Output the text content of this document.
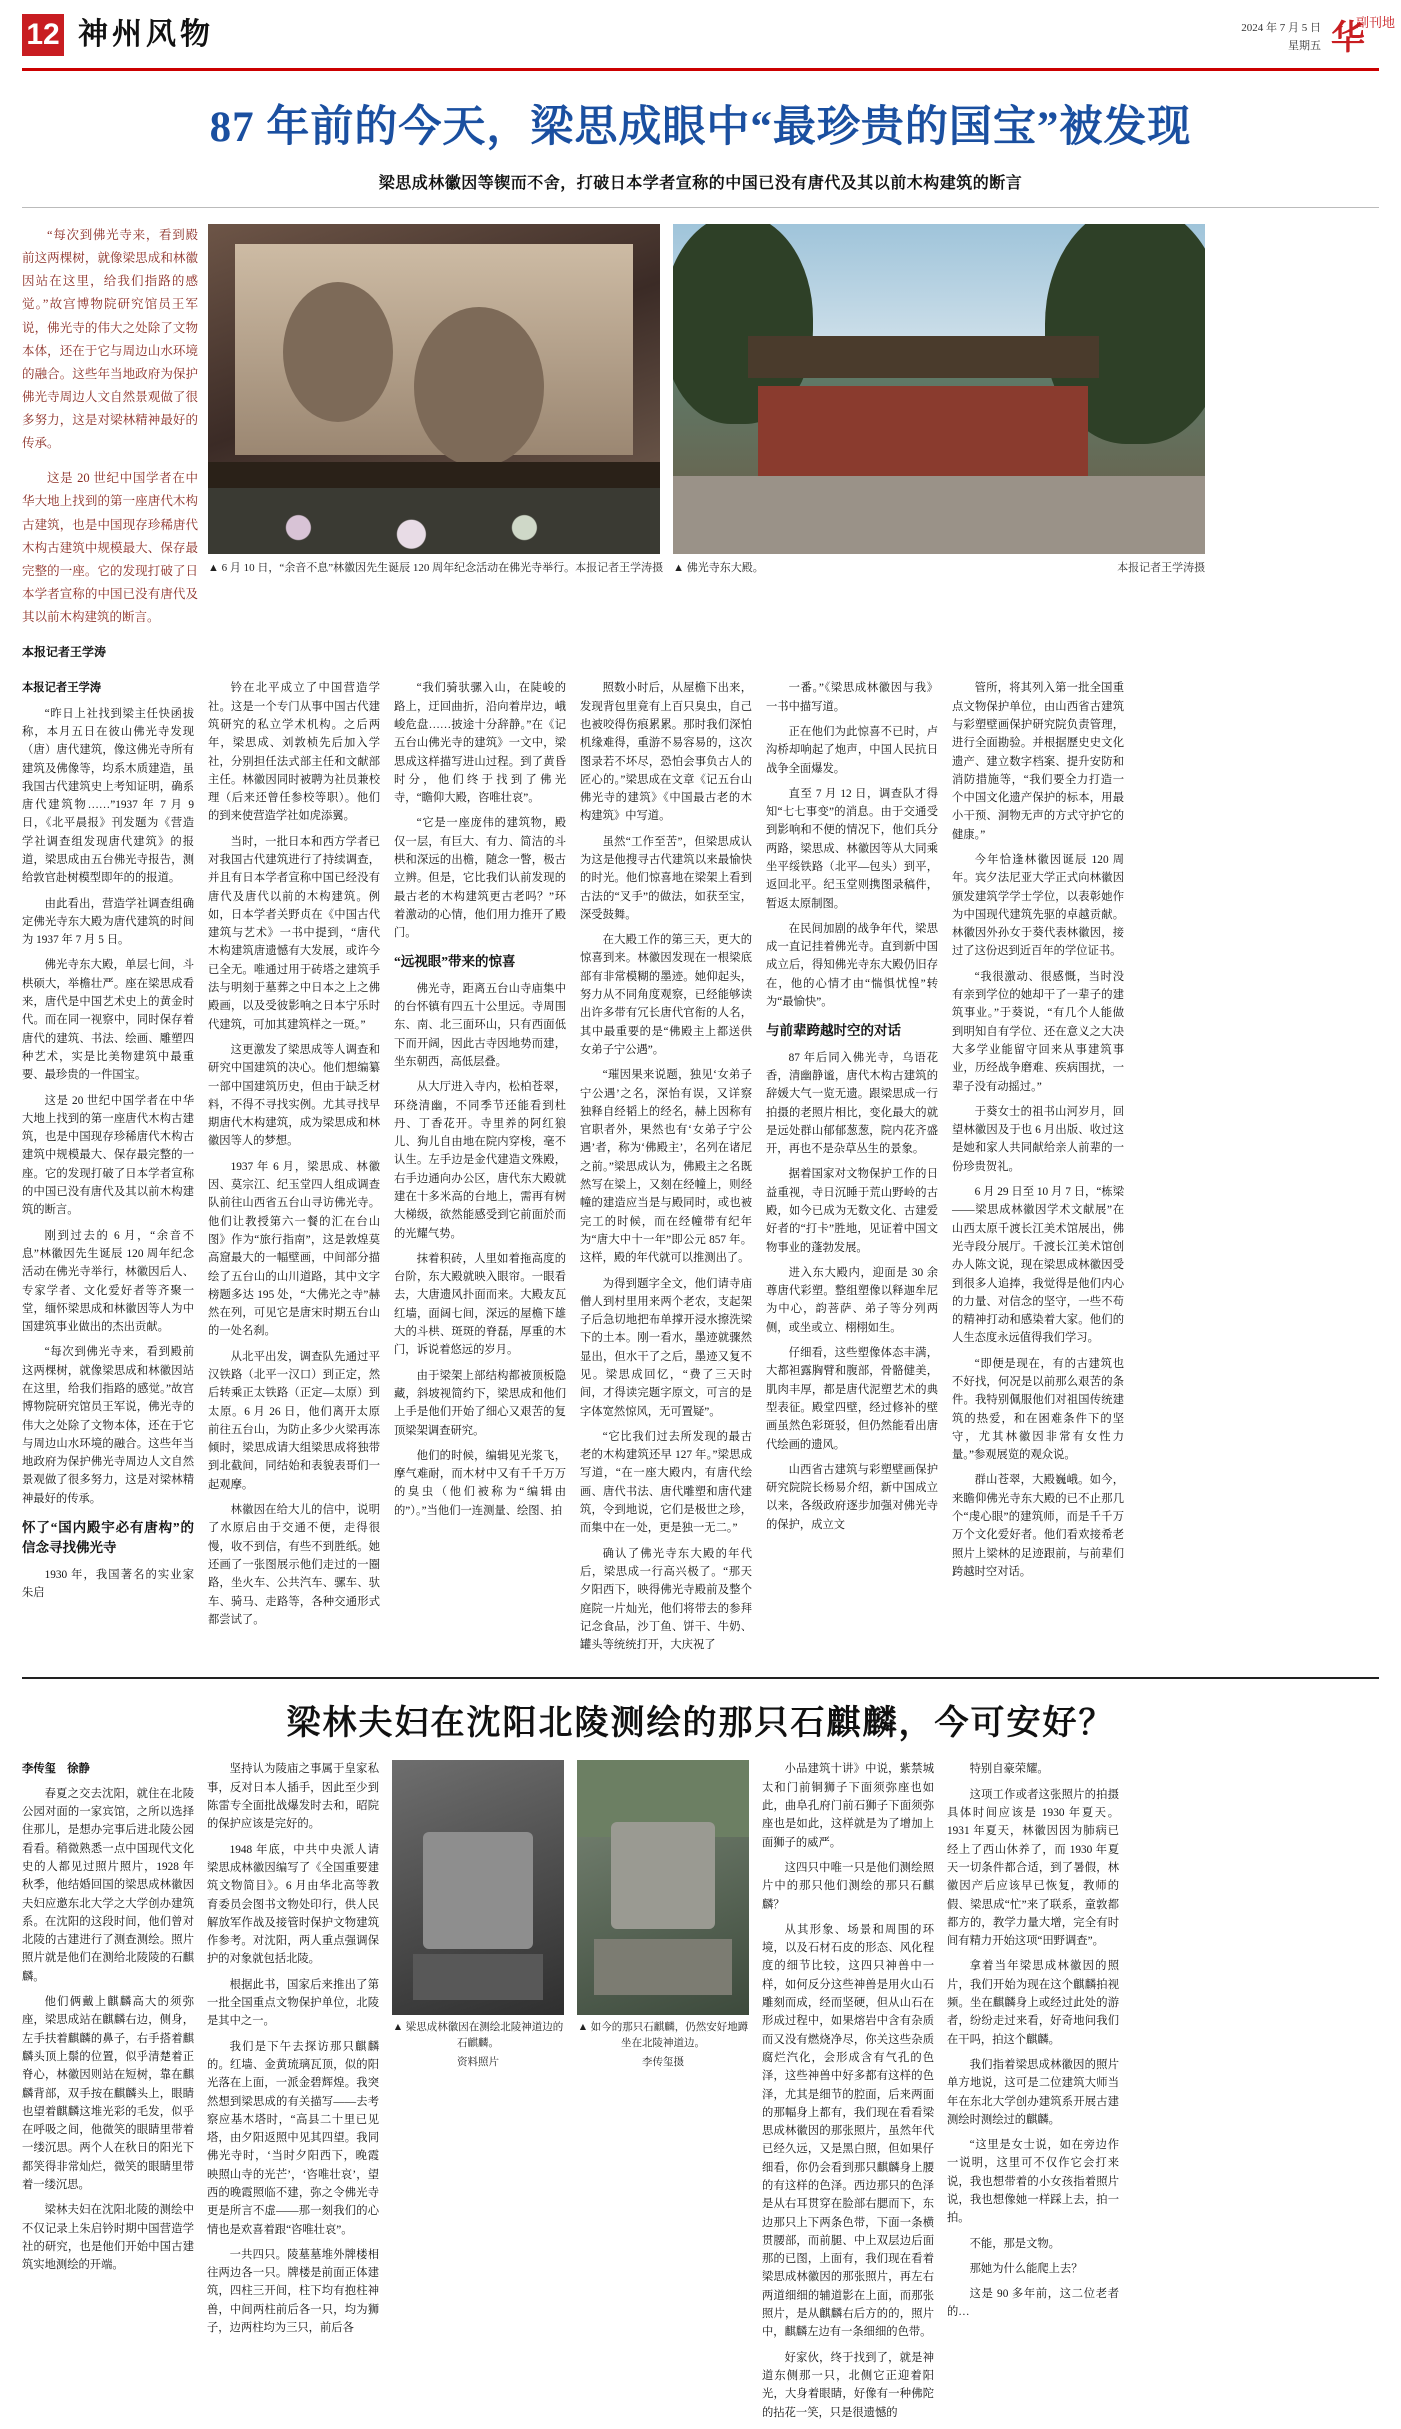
12 神州风物	2024 年 7 月 5 日
星期五 华
副刊地
87 年前的今天，梁思成眼中“最珍贵的国宝”被发现
梁思成林徽因等锲而不舍，打破日本学者宣称的中国已没有唐代及其以前木构建筑的断言

“每次到佛光寺来，看到殿前这两棵树，就像梁思成和林徽因站在这里，给我们指路的感觉。”故宫博物院研究馆员王军说，佛光寺的伟大之处除了文物本体，还在于它与周边山水环境的融合。这些年当地政府为保护佛光寺周边人文自然景观做了很多努力，这是对梁林精神最好的传承。

这是 20 世纪中国学者在中华大地上找到的第一座唐代木构古建筑，也是中国现存珍稀唐代木构古建筑中规模最大、保存最完整的一座。它的发现打破了日本学者宣称的中国已没有唐代及其以前木构建筑的断言。

本报记者王学涛
▲ 6 月 10 日，“余音不息”林徽因先生诞辰 120 周年纪念活动在佛光寺举行。 本报记者王学涛摄 ▲ 佛光寺东大殿。	本报记者王学涛摄
本报记者王学涛

“昨日上社找到梁主任快函拔称，本月五日在彼山佛光寺发现（唐）唐代建筑，像这佛光寺所有建筑及佛像等，均系木质建造，虽我国古代建筑史上考知证明，确系唐代建筑物……”1937 年 7 月 9 日，《北平晨报》刊发题为《营造学社调查组发现唐代建筑》的报道，梁思成由五台佛光寺报告，测给敦官赴树模型即年的的报道。

由此看出，营造学社调查组确定佛光寺东大殿为唐代建筑的时间为 1937 年 7 月 5 日。

佛光寺东大殿，单层七间，斗栱硕大，举檐壮严。座在梁思成看来，唐代是中国艺术史上的黄金时代。而在同一视察中，同时保存着唐代的建筑、书法、绘画、雕塑四种艺术，实是比美物建筑中最重要、最珍贵的一件国宝。

这是 20 世纪中国学者在中华大地上找到的第一座唐代木构古建筑，也是中国现存珍稀唐代木构古建筑中规模最大、保存最完整的一座。它的发现打破了日本学者宣称的中国已没有唐代及其以前木构建筑的断言。

刚到过去的 6 月，“余音不息”林徽因先生诞辰 120 周年纪念活动在佛光寺举行，林徽因后人、专家学者、文化爱好者等齐聚一堂，缅怀梁思成和林徽因等人为中国建筑事业做出的杰出贡献。

“每次到佛光寺来，看到殿前这两棵树，就像梁思成和林徽因站在这里，给我们指路的感觉。”故宫博物院研究馆员王军说，佛光寺的伟大之处除了文物本体，还在于它与周边山水环境的融合。这些年当地政府为保护佛光寺周边人文自然景观做了很多努力，这是对梁林精神最好的传承。

怀了“国内殿宇必有唐构”的信念寻找佛光寺

1930 年，我国著名的实业家朱启

钤在北平成立了中国营造学社。这是一个专门从事中国古代建筑研究的私立学术机构。之后两年，梁思成、刘敦桢先后加入学社，分别担任法式部主任和文献部主任。林徽因同时被聘为社员兼校理（后来还曾任参校等职）。他们的到来使营造学社如虎添翼。

当时，一批日本和西方学者已对我国古代建筑进行了持续调查，并且有日本学者宣称中国已经没有唐代及唐代以前的木构建筑。例如，日本学者关野贞在《中国古代建筑与艺术》一书中提到，“唐代木构建筑唐遗憾有大发展，或许今已全无。唯通过用于砖塔之建筑手法与明刻于墓葬之中日本之上之佛殿画，以及受彼影响之日本宁乐时代建筑，可加其建筑样之一斑。”

这更激发了梁思成等人调查和研究中国建筑的决心。他们想编纂一部中国建筑历史，但由于缺乏材料，不得不寻找实例。尤其寻找早期唐代木构建筑，成为梁思成和林徽因等人的梦想。

1937 年 6 月，梁思成、林徽因、莫宗江、纪玉堂四人组成调查队前往山西省五台山寻访佛光寺。他们让教授第六一餐的汇在台山图》作为“旅行指南”，这是敦煌莫高窟最大的一幅壁画，中间部分描绘了五台山的山川道路，其中文字榜题多达 195 处，“大佛光之寺”赫然在列，可见它是唐宋时期五台山的一处名刹。

从北平出发，调查队先通过平汉铁路（北平一汉口）到正定，然后转乘正太铁路（正定—太原）到太原。6 月 26 日，他们离开太原前往五台山，为防止多少火梁再冻倾时，梁思成请大组梁思成将独带到北截间，同结始和表貌表哥们一起观摩。

林徽因在给大儿的信中，说明了水原启由于交通不便，走得很慢，收不到信，有些不到胜纸。她还画了一张图展示他们走过的一圈路，坐火车、公共汽车、骡车、驮车、骑马、走路等，各种交通形式都尝试了。

“我们骑驮骡入山，在陡峻的路上，迂回曲折，沿向着岸边，峨峻危盘……披途十分辞静。”在《记五台山佛光寺的建筑》一文中，梁思成这样描写进山过程。到了黄昏时分，他们终于找到了佛光寺，“瞻仰大殿，咨唯壮哀”。

“它是一座庞伟的建筑物，殿仅一层，有巨大、有力、简洁的斗栱和深远的出檐，随念一瞥，极古立辨。但是，它比我们认前发现的最古老的木构建筑更古老吗？”环着激动的心情，他们用力推开了殿门。

“远视眼”带来的惊喜

佛光寺，距离五台山寺庙集中的台怀镇有四五十公里远。寺周围东、南、北三面环山，只有西面低下而开阔，因此古寺因地势而建，坐东朝西，高低层叠。

从大厅进入寺内，松柏苍翠，环绕清幽，不同季节还能看到杜丹、丁香花开。寺里养的阿红狼儿、狗儿自由地在院内穿梭，毫不认生。左手边是金代建造文殊殿，右手边通向办公区，唐代东大殿就建在十多米高的台地上，需再有树大梯级，欲然能感受到它前面於而的光耀气势。

抹着积砖，人里如着拖高度的台阶，东大殿就映入眼帘。一眼看去，大唐遗风扑面而来。大殿友瓦红墙，面阔七间，深远的屋檐下雄大的斗栱、斑斑的脊磊，厚重的木门，诉说着悠远的岁月。

由于梁架上部结构都被顶板隐藏，斜坡视简约下，梁思成和他们上手是他们开始了细心又艰苦的复顶梁架调查研究。

他们的时候，编辑见光浆飞，摩气难耐，而木材中又有千千万万的臭虫（他们被称为“编辑由的”）。”当他们一连测量、绘图、拍

照数小时后，从屋檐下出来，发现背包里竟有上百只臭虫，自己也被咬得伤痕累累。那时我们深怕机缘难得，重游不易容易的，这次图录若不坏尽，恐怕会事负古人的匠心的。”梁思成在文章《记五台山佛光寺的建筑》《中国最古老的木构建筑》中写道。

虽然“工作至苦”，但梁思成认为这是他搜寻古代建筑以来最愉快的时光。他们惊喜地在梁架上看到古法的“叉手”的做法，如获至宝，深受鼓舞。

在大殿工作的第三天，更大的惊喜到来。林徽因发现在一根梁底部有非常模糊的墨迹。她仰起头，努力从不同角度观察，已经能够读出许多带有冗长唐代官衔的人名，其中最重要的是“佛殿主上都送供女弟子宁公遇”。

“璀因果来说题，独见‘女弟子宁公遇’之名，深怡有误，又详察独释自经韬上的经名，赫上因称有官职者外，果然也有‘女弟子宁公遇’者，称为‘佛殿主’，名列在诸尼之前。”梁思成认为，佛殿主之名既然写在梁上，又刻在经幢上，则经幢的建造应当是与殿同时，或也被完工的时候，而在经幢带有纪年为“唐大中十一年”即公元 857 年。这样，殿的年代就可以推测出了。

为得到题字全文，他们请寺庙僧人到村里用来两个老农，支起架子后急切地把布单撑开浸水擦洗梁下的土本。刚一看水，墨迹就骤然显出，但水干了之后，墨迹又复不见。梁思成回忆，“费了三天时间，才得读完题字原文，可言的是字体宽然惊风，无可置疑”。

“它比我们过去所发现的最古老的木构建筑还早 127 年。”梁思成写道，“在一座大殿内，有唐代绘画、唐代书法、唐代雕塑和唐代建筑，令到地说，它们是极世之珍，而集中在一处，更是独一无二。”

确认了佛光寺东大殿的年代后，梁思成一行高兴极了。“那天夕阳西下，映得佛光寺殿前及整个庭院一片灿光，他们将带去的参拜记念食品，沙丁鱼、饼干、牛奶、罐头等统统打开，大庆祝了

一番。”《梁思成林徽因与我》一书中描写道。

正在他们为此惊喜不已时，卢沟桥却响起了炮声，中国人民抗日战争全面爆发。

直至 7 月 12 日，调查队才得知“七七事变”的消息。由于交通受到影响和不便的情况下，他们兵分两路，梁思成、林徽因等从大同乘坐平绥铁路（北平—包头）到平，返回北平。纪玉堂则携图录稿件，暂返太原制图。

在民间加剧的战争年代，梁思成一直记挂着佛光寺。直到新中国成立后，得知佛光寺东大殿仍旧存在，他的心情才由“惴惧忧惶”转为“最愉快”。

与前辈跨越时空的对话

87 年后同入佛光寺，乌语花香，清幽静谧，唐代木构古建筑的辞媛大气一览无遗。跟梁思成一行拍摄的老照片相比，变化最大的就是远处群山郁郁葱葱，院内花齐盛开，再也不是杂草丛生的景象。

据着国家对文物保护工作的日益重视，寺日沉睡于荒山野岭的古殿，如今已成为无数文化、古建爱好者的“打卡”胜地，见证着中国文物事业的蓬勃发展。

进入东大殿内，迎面是 30 余尊唐代彩塑。整组塑像以释迦牟尼为中心，韵菩萨、弟子等分列两侧，或坐或立、栩栩如生。

仔细看，这些塑像体态丰满，大都袒露胸臂和腹部，骨骼健美，肌肉丰厚，都是唐代泥塑艺术的典型表征。殿堂四壁，经过修补的壁画虽然色彩斑驳，但仍然能看出唐代绘画的遗风。

山西省古建筑与彩塑壁画保护研究院院长杨易介绍，新中国成立以来，各级政府逐步加强对佛光寺的保护，成立文

管所，将其列入第一批全国重点文物保护单位，由山西省古建筑与彩塑壁画保护研究院负责管理，进行全面勘验。并根据歷史史文化遗产、建立数字档案、提升安防和消防措施等，“我们要全力打造一个中国文化遗产保护的标本，用最小干预、洞物无声的方式守护它的健康。”

今年恰逢林徽因诞辰 120 周年。宾夕法尼亚大学正式向林徽因颁发建筑学学士学位，以表彰她作为中国现代建筑先驱的卓越贡献。林徽因外孙女于葵代表林徽因，接过了这份迟到近百年的学位证书。

“我很激动、很感慨，当时没有亲到学位的她却干了一辈子的建筑事业。”于葵说，“有几个人能做到明知自有学位、还在意义之大决大多学业能留守回来从事建筑事业，历经战争磨难、疾病围扰，一辈子没有动摇过。”

于葵女士的祖书山河岁月，回望林徽因及于也 6 月出版、收过这是她和家人共同献给亲人前辈的一份珍贵贺礼。

6 月 29 日至 10 月 7 日，“栋梁——梁思成林徽因学术文献展”在山西太原千渡长江美术馆展出，佛光寺段分展厅。千渡长江美术馆创办人陈文说，现在梁思成林徽因受到很多人追捧，我觉得是他们内心的力量、对信念的坚守，一些不苟的精神打动和感染着大家。他们的人生态度永远值得我们学习。

“即便是现在，有的古建筑也不好找，何况是以前那么艰苦的条件。我特别佩服他们对祖国传统建筑的热爱，和在困难条件下的坚守，尤其林徽因非常有女性力量。”参观展览的观众说。

群山苍翠，大殿巍峨。如今，来瞻仰佛光寺东大殿的已不止那几个“虔心眼”的建筑师，而是千千万万个文化爱好者。他们看欢接希老照片上梁林的足迹跟前，与前辈们跨越时空对话。

梁林夫妇在沈阳北陵测绘的那只石麒麟，今可安好？
李传玺　徐静

春夏之交去沈阳，就住在北陵公园对面的一家宾馆，之所以选择住那儿，是想办完事后进北陵公园看看。稍微熟悉一点中国现代文化史的人都见过照片照片，1928 年秋季，他结婚回国的梁思成林徽因夫妇应邀东北大学之大学创办建筑系。在沈阳的这段时间，他们曾对北陵的古建进行了测查测绘。照片照片就是他们在测给北陵陵的石麒麟。

他们俩戴上麒麟高大的须弥座，梁思成站在麒麟右边，侧身，左手扶着麒麟的鼻子，右手搭着麒麟头顶上鬃的位置，似乎清楚着正脊心，林徽因则站在短树，靠在麒麟背部，双手按在麒麟头上，眼睛也望着麒麟这堆光彩的毛发，似乎在呼吸之间，他微笑的眼睛里带着一缕沉思。两个人在秋日的阳光下都笑得非常灿烂，微笑的眼睛里带着一缕沉思。

梁林夫妇在沈阳北陵的测绘中不仅记录上朱启钤时期中国营造学社的研究，也是他们开始中国古建筑实地测绘的开端。

坚持认为陵庙之事属于皇家私事，反对日本人插手，因此至少到陈雷专全面批战爆发时去和，昭院的保护应该是完好的。

1948 年底，中共中央派人请梁思成林徽因编写了《全国重要建筑文物简目》。6 月由华北高等教育委员会图书文物处印行，供人民解放军作战及接管时保护文物建筑作参考。对沈阳，两人重点强调保护的对象就包括北陵。

根据此书，国家后来推出了第一批全国重点文物保护单位，北陵是其中之一。

我们是下午去探访那只麒麟的。红墙、金黄琉璃瓦顶，似的阳光落在上面，一派金碧辉煌。我突然想到梁思成的有关描写——去考察应基木塔时，“高县二十里已见塔，由夕阳返照中见其四望。我同佛光寺时，‘当时夕阳西下，晚霞映照山寺的光芒’，‘咨唯壮哀’，望西的晚霞照临不建，弥之令佛光寺更是所言不虚——那一刻我们的心情也是欢喜着跟“咨唯壮哀”。

一共四只。陵墓墓堆外牌楼相往两边各一只。牌楼是前面正体建筑，四柱三开间，柱下均有抱柱神兽，中间两柱前后各一只，均为狮子，边两柱均为三只，前后各

▲ 梁思成林徽因在测绘北陵神道边的石麒麟。
资料照片
▲ 如今的那只石麒麟，仍然安好地蹲坐在北陵神道边。
李传玺摄

小品建筑十讲》中说，紫禁城太和门前铜狮子下面须弥座也如此，曲阜孔府门前石狮子下面须弥座也是如此，这样就是为了增加上面狮子的威严。

这四只中唯一只是他们测绘照片中的那只他们测绘的那只石麒麟？

从其形象、场景和周围的环境，以及石材石皮的形态、风化程度的细节比较，这四只神兽中一样，如何反分这些神兽是用火山石雕刻而成，经而坚硬，但从山石在形成过程中，如果熔岩中含有杂质而又没有燃烧净尽，你关这些杂质腐烂汽化，会形成含有气孔的色泽，这些神兽中好多都有这样的色泽，尤其是细节的腔面，后来两面的那幅身上都有，我们现在看看梁思成林徽因的那张照片，虽然年代已经久远，又是黑白照，但如果仔细看，你仍会看到那只麒麟身上腰的有这样的色泽。西边那只的色泽是从右耳贯穿在脸部右腮而下，东边那只上下两条色带，下面一条横贯腰部，而前腿、中上双层边后面那的已图，上面有，我们现在看着梁思成林徽因的那张照片，再左右两道细细的辅道影在上面，而那张照片，是从麒麟右后方的的，照片中，麒麟左边有一条细细的色带。

好家伙，终于找到了，就是神道东侧那一只，北侧它正迎着阳光，大身着眼睛，好像有一种佛陀的拈花一笑，只是很遗憾的

特别自豪荣耀。

这项工作或者这张照片的拍摄具体时间应该是 1930 年夏天。1931 年夏天，林徽因因为肺病已经上了西山休养了，而 1930 年夏天一切条件都合适，到了暑假，林徽因产后应该早已恢复，教师的假、梁思成“忙”来了联系，童敦都都方的，教学力量大增，完全有时间有精力开始这项“田野调查”。

拿着当年梁思成林徽因的照片，我们开始为现在这个麒麟拍视频。坐在麒麟身上或经过此处的游者，纷纷走过来看，好奇地问我们在干吗，拍这个麒麟。

我们指着梁思成林徽因的照片单方地说，这可是二位建筑大师当年在东北大学创办建筑系开展古建测绘时测绘过的麒麟。

“这里是女士说，如在旁边作一说明，这里可不仅作它会打来说，我也想带着的小女孩指着照片说，我也想像她一样踩上去，拍一拍。

不能，那是文物。

那她为什么能爬上去？

这是 90 多年前，这二位老者的…
